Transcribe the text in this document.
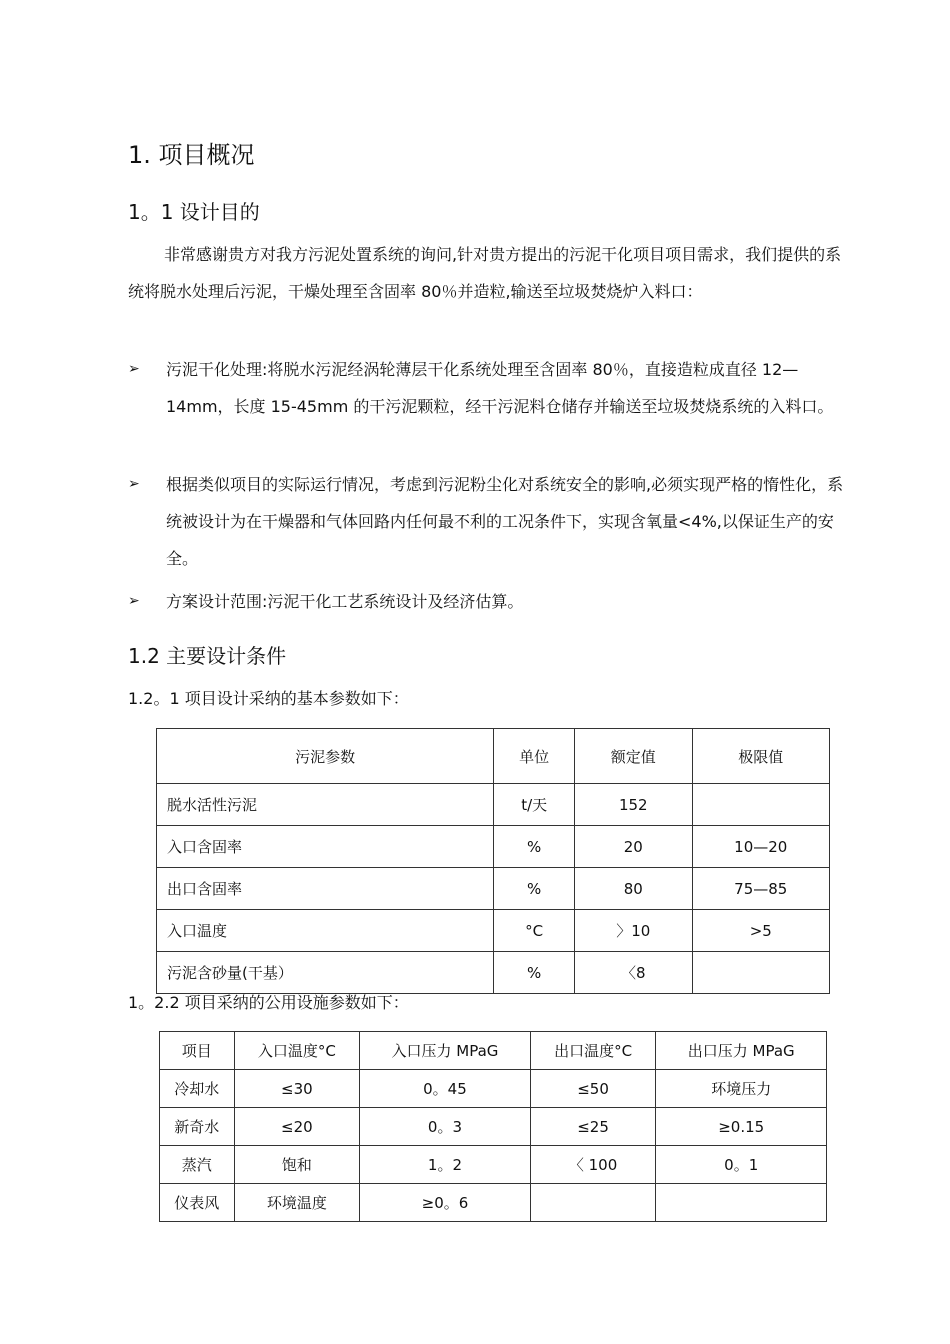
1. 项目概况
1。1 设计目的
非常感谢贵方对我方污泥处置系统的询问,针对贵方提出的污泥干化项目项目需求，我们提供的系统将脱水处理后污泥，干燥处理至含固率 80％并造粒,输送至垃圾焚烧炉入料口：
➢ 污泥干化处理:将脱水污泥经涡轮薄层干化系统处理至含固率 80％，直接造粒成直径 12—14mm，长度 15-45mm 的干污泥颗粒，经干污泥料仓储存并输送至垃圾焚烧系统的入料口。
➢ 根据类似项目的实际运行情况，考虑到污泥粉尘化对系统安全的影响,必须实现严格的惰性化，系统被设计为在干燥器和气体回路内任何最不利的工况条件下，实现含氧量<4%,以保证生产的安全。
➢ 方案设计范围:污泥干化工艺系统设计及经济估算。
1.2 主要设计条件
1.2。1 项目设计采纳的基本参数如下：
污泥参数	单位	额定值	极限值
脱水活性污泥	t/天	152	
入口含固率	%	20	10—20
出口含固率	%	80	75—85
入口温度	°C	〉10	>5
污泥含砂量(干基）	%	〈8	
1。2.2 项目采纳的公用设施参数如下：
项目	入口温度°C	入口压力 MPaG	出口温度°C	出口压力 MPaG
冷却水	≤30	0。45	≤50	环境压力
新奇水	≤20	0。3	≤25	≥0.15
蒸汽	饱和	1。2	〈 100	0。1
仪表风	环境温度	≥0。6		
